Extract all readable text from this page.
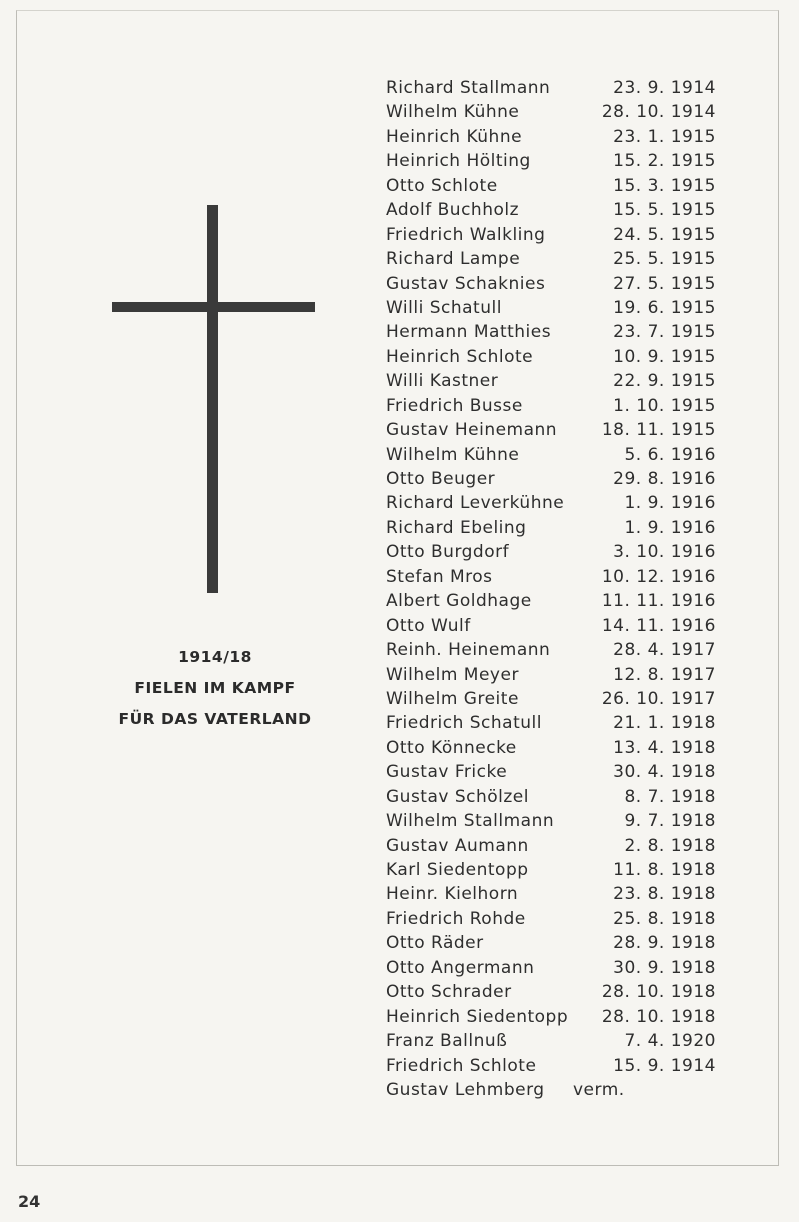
1914/18
FIELEN IM KAMPF
FÜR DAS VATERLAND
Richard Stallmann	23. 9. 1914
Wilhelm Kühne	28. 10. 1914
Heinrich Kühne	23. 1. 1915
Heinrich Hölting	15. 2. 1915
Otto Schlote	15. 3. 1915
Adolf Buchholz	15. 5. 1915
Friedrich Walkling	24. 5. 1915
Richard Lampe	25. 5. 1915
Gustav Schaknies	27. 5. 1915
Willi Schatull	19. 6. 1915
Hermann Matthies	23. 7. 1915
Heinrich Schlote	10. 9. 1915
Willi Kastner	22. 9. 1915
Friedrich Busse	1. 10. 1915
Gustav Heinemann	18. 11. 1915
Wilhelm Kühne	5. 6. 1916
Otto Beuger	29. 8. 1916
Richard Leverkühne	1. 9. 1916
Richard Ebeling	1. 9. 1916
Otto Burgdorf	3. 10. 1916
Stefan Mros	10. 12. 1916
Albert Goldhage	11. 11. 1916
Otto Wulf	14. 11. 1916
Reinh. Heinemann	28. 4. 1917
Wilhelm Meyer	12. 8. 1917
Wilhelm Greite	26. 10. 1917
Friedrich Schatull	21. 1. 1918
Otto Könnecke	13. 4. 1918
Gustav Fricke	30. 4. 1918
Gustav Schölzel	8. 7. 1918
Wilhelm Stallmann	9. 7. 1918
Gustav Aumann	2. 8. 1918
Karl Siedentopp	11. 8. 1918
Heinr. Kielhorn	23. 8. 1918
Friedrich Rohde	25. 8. 1918
Otto Räder	28. 9. 1918
Otto Angermann	30. 9. 1918
Otto Schrader	28. 10. 1918
Heinrich Siedentopp 28. 10. 1918
Franz Ballnuß	7. 4. 1920
Friedrich Schlote	15. 9. 1914
Gustav Lehmberg verm.
24
